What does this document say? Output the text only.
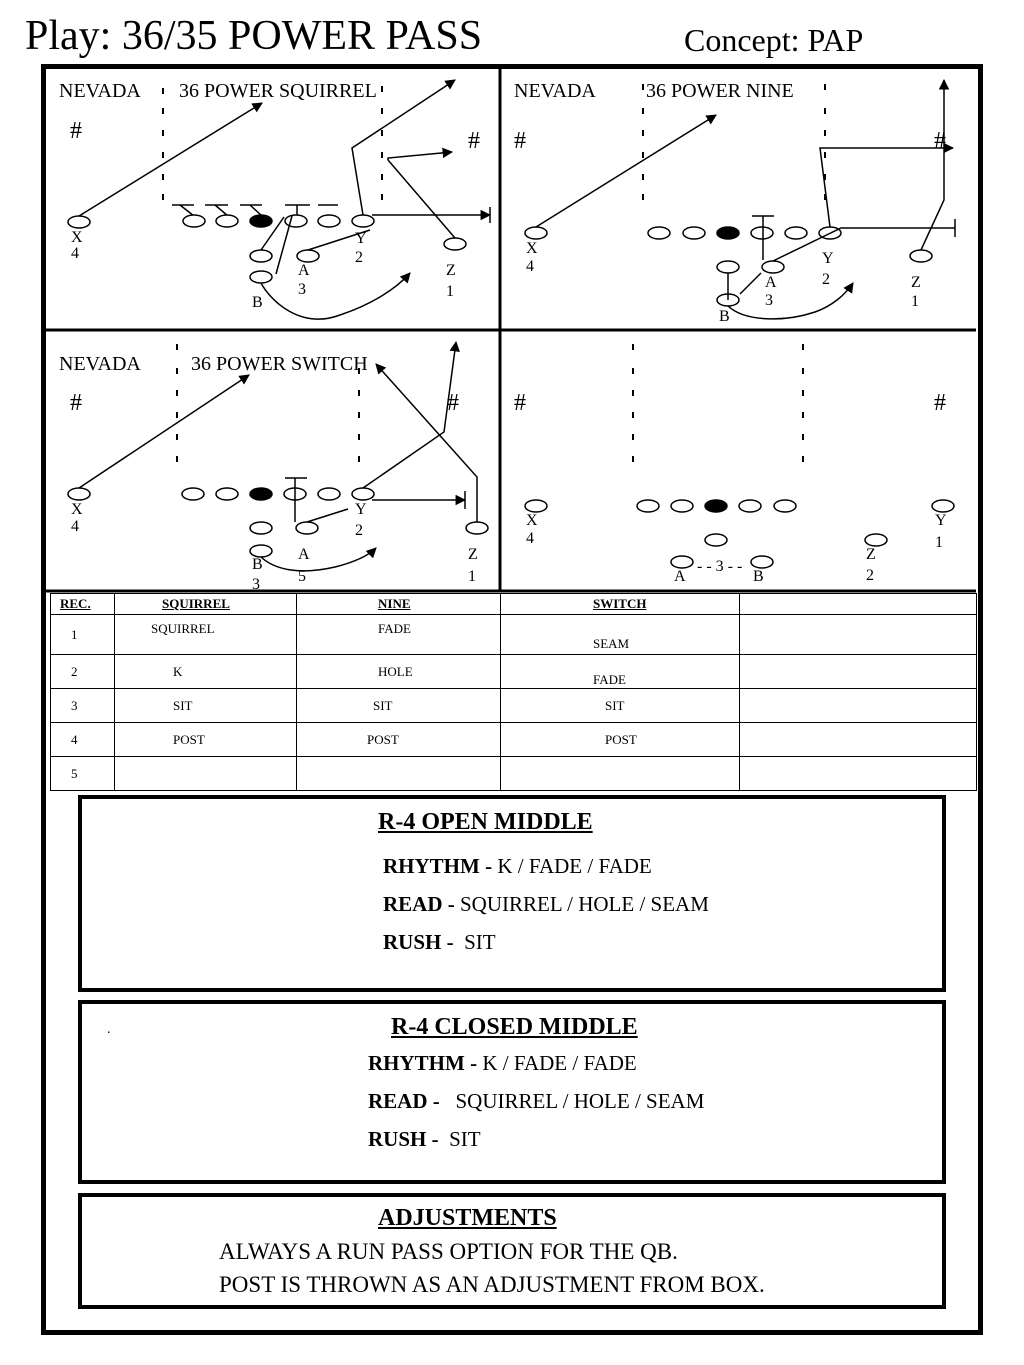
Play: 36/35 POWER PASS	Concept: PAP
NEVADA 36 POWER SQUIRREL
#	#
X
4
Y
2
A
3
Z
1
B
NEVADA	36 POWER NINE
#	#
X
4	Y
2
A
3
Z
1
B
NEVADA	36 POWER SWITCH
#	#
X
4
Y
2
A
5
Z
1
B
3
#	#
X
4
Y
1
Z
2
A	B
- - 3 - -
REC.	SQUIRREL	NINE	SWITCH	
1	SQUIRREL	FADE	SEAM	
2	K	HOLE	FADE	
3	SIT	SIT	SIT	
4	POST	POST	POST	
5				
R-4 OPEN MIDDLE
RHYTHM - K / FADE / FADE
READ - SQUIRREL / HOLE / SEAM
RUSH -  SIT
.	R-4 CLOSED MIDDLE
RHYTHM - K / FADE / FADE
READ -   SQUIRREL / HOLE / SEAM
RUSH -  SIT
ADJUSTMENTS
ALWAYS A RUN PASS OPTION FOR THE QB.
POST IS THROWN AS AN ADJUSTMENT FROM BOX.
